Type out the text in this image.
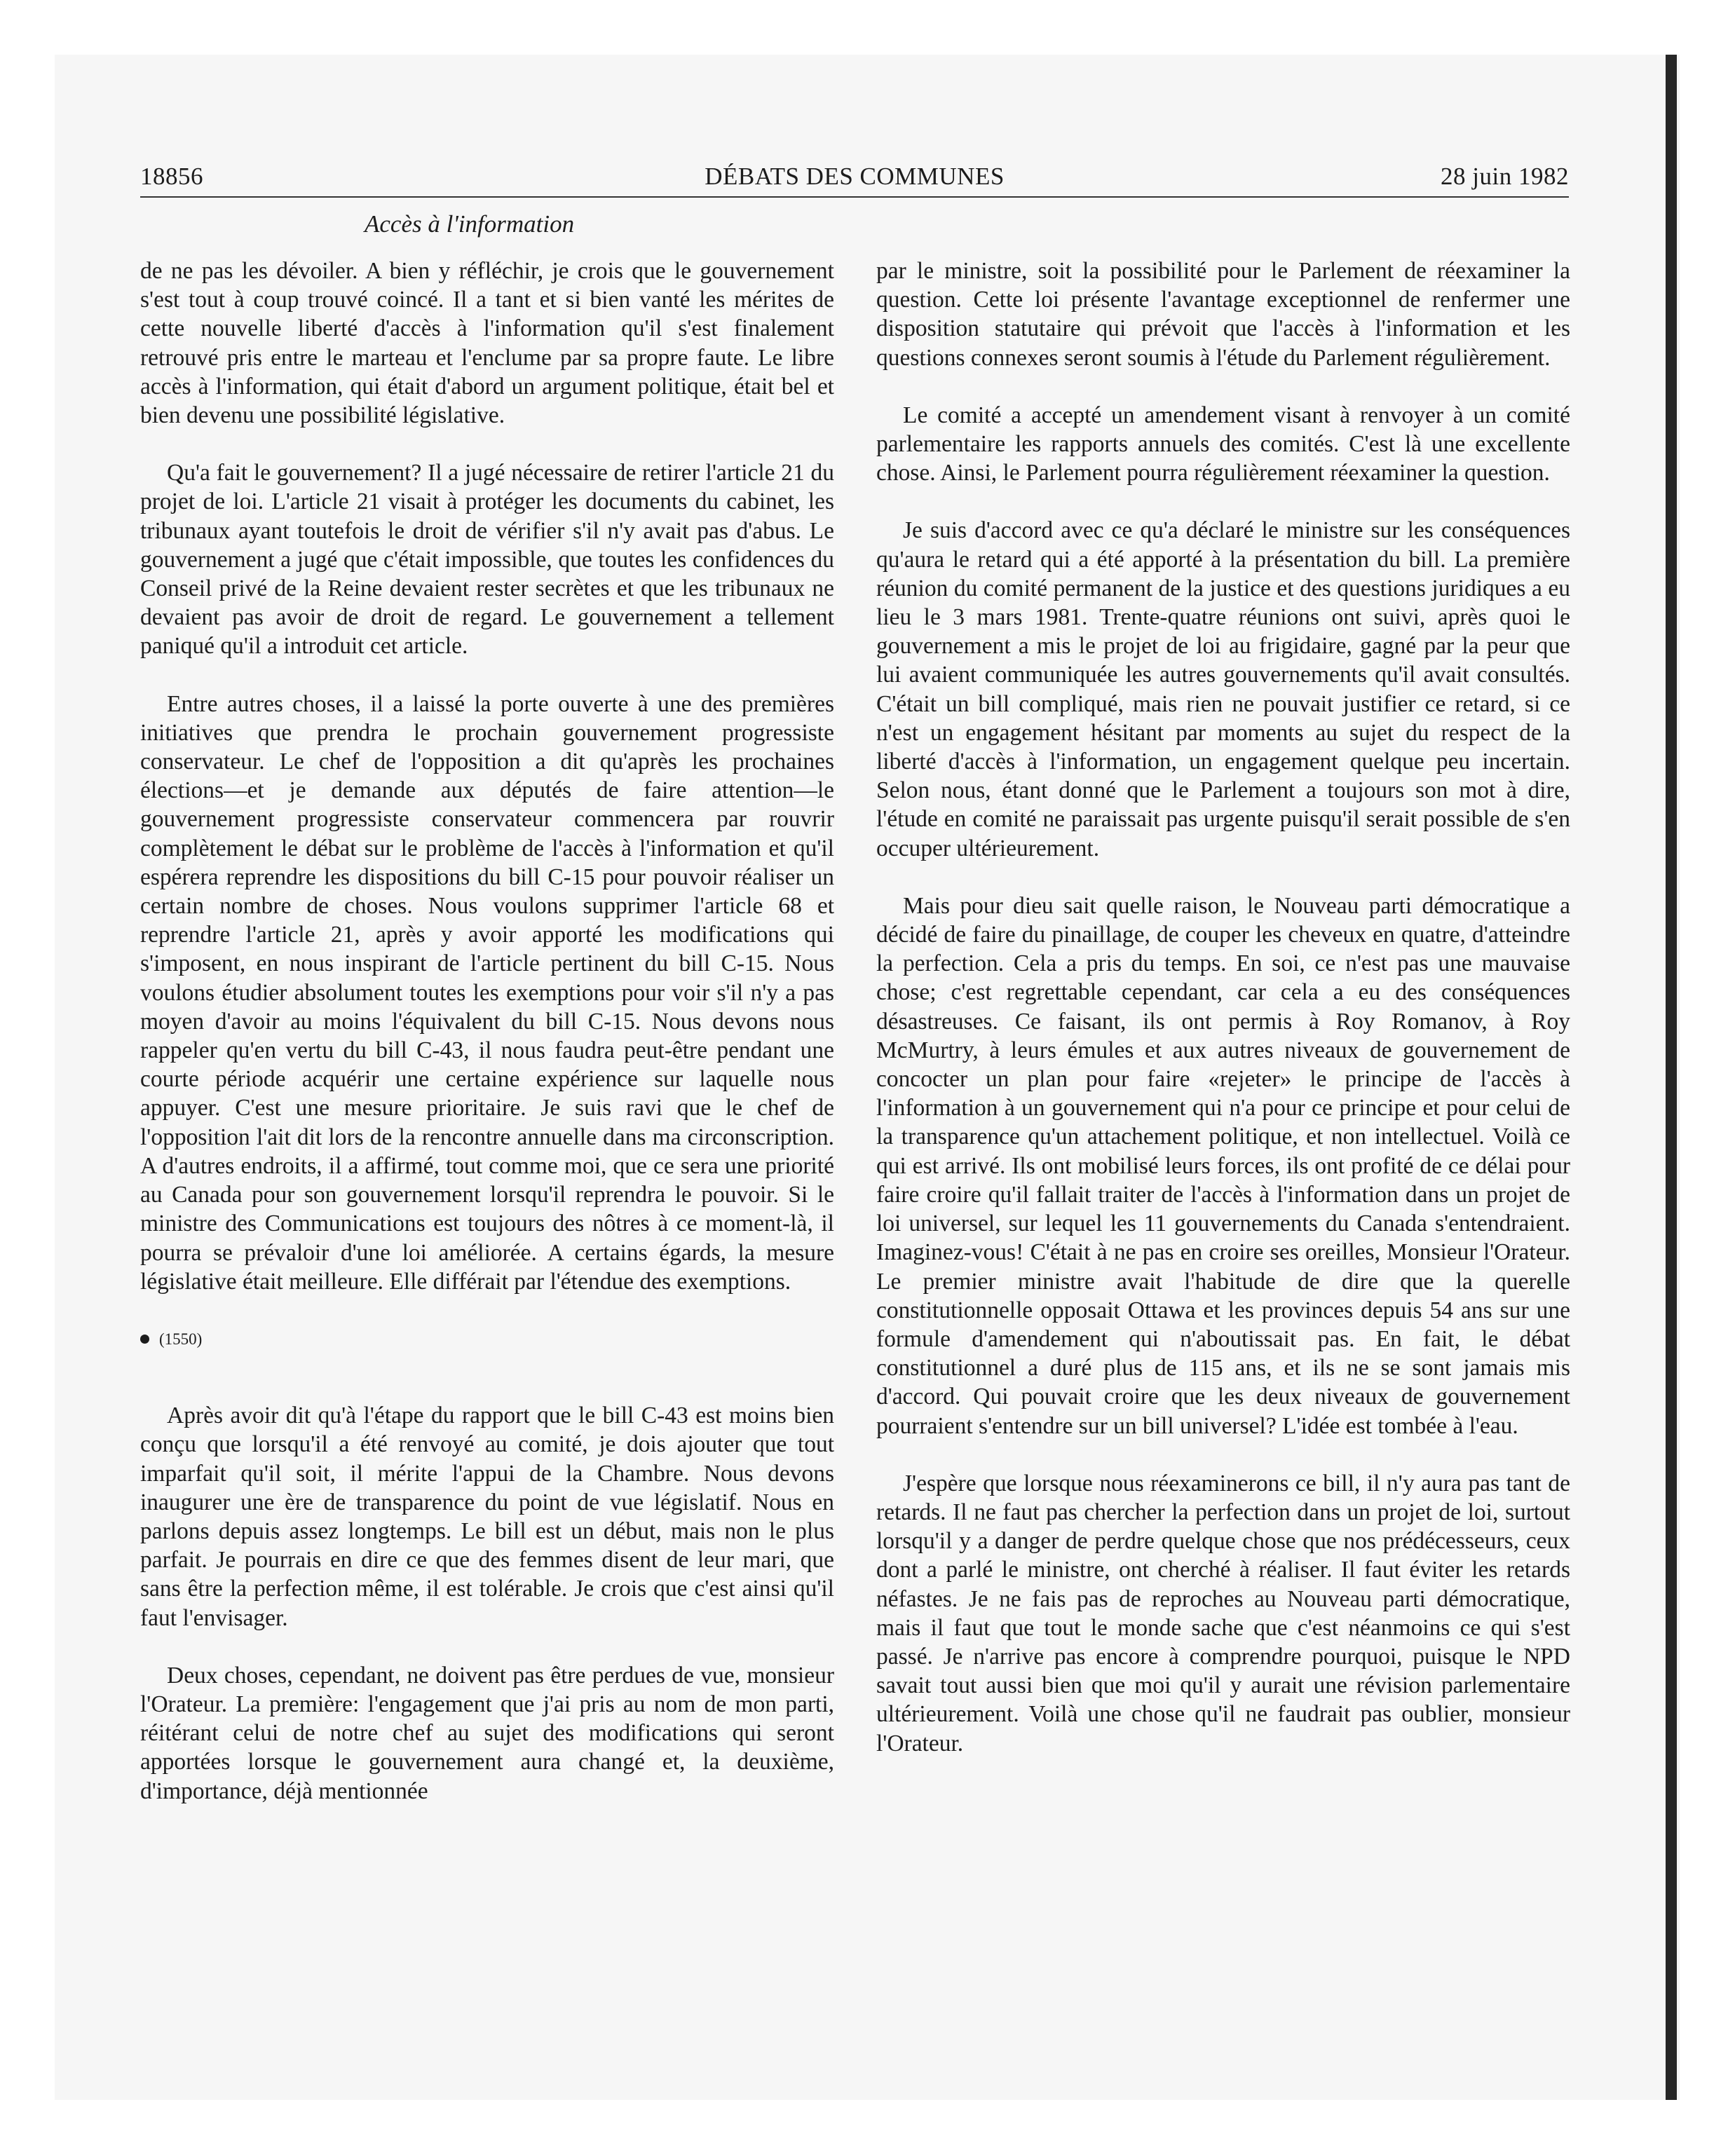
18856	DÉBATS DES COMMUNES	28 juin 1982
Accès à l'information

de ne pas les dévoiler. A bien y réfléchir, je crois que le gouvernement s'est tout à coup trouvé coincé. Il a tant et si bien vanté les mérites de cette nouvelle liberté d'accès à l'information qu'il s'est finalement retrouvé pris entre le marteau et l'enclume par sa propre faute. Le libre accès à l'information, qui était d'abord un argument politique, était bel et bien devenu une possibilité législative.

Qu'a fait le gouvernement? Il a jugé nécessaire de retirer l'article 21 du projet de loi. L'article 21 visait à protéger les documents du cabinet, les tribunaux ayant toutefois le droit de vérifier s'il n'y avait pas d'abus. Le gouvernement a jugé que c'était impossible, que toutes les confidences du Conseil privé de la Reine devaient rester secrètes et que les tribunaux ne devaient pas avoir de droit de regard. Le gouvernement a tellement paniqué qu'il a introduit cet article.

Entre autres choses, il a laissé la porte ouverte à une des premières initiatives que prendra le prochain gouvernement progressiste conservateur. Le chef de l'opposition a dit qu'après les prochaines élections—et je demande aux députés de faire attention—le gouvernement progressiste conservateur commencera par rouvrir complètement le débat sur le problème de l'accès à l'information et qu'il espérera reprendre les dispositions du bill C-15 pour pouvoir réaliser un certain nombre de choses. Nous voulons supprimer l'article 68 et reprendre l'article 21, après y avoir apporté les modifications qui s'imposent, en nous inspirant de l'article pertinent du bill C-15. Nous voulons étudier absolument toutes les exemptions pour voir s'il n'y a pas moyen d'avoir au moins l'équivalent du bill C-15. Nous devons nous rappeler qu'en vertu du bill C-43, il nous faudra peut-être pendant une courte période acquérir une certaine expérience sur laquelle nous appuyer. C'est une mesure prioritaire. Je suis ravi que le chef de l'opposition l'ait dit lors de la rencontre annuelle dans ma circonscription. A d'autres endroits, il a affirmé, tout comme moi, que ce sera une priorité au Canada pour son gouvernement lorsqu'il reprendra le pouvoir. Si le ministre des Communications est toujours des nôtres à ce moment-là, il pourra se prévaloir d'une loi améliorée. A certains égards, la mesure législative était meilleure. Elle différait par l'étendue des exemptions.

(1550)

Après avoir dit qu'à l'étape du rapport que le bill C-43 est moins bien conçu que lorsqu'il a été renvoyé au comité, je dois ajouter que tout imparfait qu'il soit, il mérite l'appui de la Chambre. Nous devons inaugurer une ère de transparence du point de vue législatif. Nous en parlons depuis assez longtemps. Le bill est un début, mais non le plus parfait. Je pourrais en dire ce que des femmes disent de leur mari, que sans être la perfection même, il est tolérable. Je crois que c'est ainsi qu'il faut l'envisager.

Deux choses, cependant, ne doivent pas être perdues de vue, monsieur l'Orateur. La première: l'engagement que j'ai pris au nom de mon parti, réitérant celui de notre chef au sujet des modifications qui seront apportées lorsque le gouvernement aura changé et, la deuxième, d'importance, déjà mentionnée

par le ministre, soit la possibilité pour le Parlement de réexaminer la question. Cette loi présente l'avantage exceptionnel de renfermer une disposition statutaire qui prévoit que l'accès à l'information et les questions connexes seront soumis à l'étude du Parlement régulièrement.

Le comité a accepté un amendement visant à renvoyer à un comité parlementaire les rapports annuels des comités. C'est là une excellente chose. Ainsi, le Parlement pourra régulièrement réexaminer la question.

Je suis d'accord avec ce qu'a déclaré le ministre sur les conséquences qu'aura le retard qui a été apporté à la présentation du bill. La première réunion du comité permanent de la justice et des questions juridiques a eu lieu le 3 mars 1981. Trente-quatre réunions ont suivi, après quoi le gouvernement a mis le projet de loi au frigidaire, gagné par la peur que lui avaient communiquée les autres gouvernements qu'il avait consultés. C'était un bill compliqué, mais rien ne pouvait justifier ce retard, si ce n'est un engagement hésitant par moments au sujet du respect de la liberté d'accès à l'information, un engagement quelque peu incertain. Selon nous, étant donné que le Parlement a toujours son mot à dire, l'étude en comité ne paraissait pas urgente puisqu'il serait possible de s'en occuper ultérieurement.

Mais pour dieu sait quelle raison, le Nouveau parti démocratique a décidé de faire du pinaillage, de couper les cheveux en quatre, d'atteindre la perfection. Cela a pris du temps. En soi, ce n'est pas une mauvaise chose; c'est regrettable cependant, car cela a eu des conséquences désastreuses. Ce faisant, ils ont permis à Roy Romanov, à Roy McMurtry, à leurs émules et aux autres niveaux de gouvernement de concocter un plan pour faire «rejeter» le principe de l'accès à l'information à un gouvernement qui n'a pour ce principe et pour celui de la transparence qu'un attachement politique, et non intellectuel. Voilà ce qui est arrivé. Ils ont mobilisé leurs forces, ils ont profité de ce délai pour faire croire qu'il fallait traiter de l'accès à l'information dans un projet de loi universel, sur lequel les 11 gouvernements du Canada s'entendraient. Imaginez-vous! C'était à ne pas en croire ses oreilles, Monsieur l'Orateur. Le premier ministre avait l'habitude de dire que la querelle constitutionnelle opposait Ottawa et les provinces depuis 54 ans sur une formule d'amendement qui n'aboutissait pas. En fait, le débat constitutionnel a duré plus de 115 ans, et ils ne se sont jamais mis d'accord. Qui pouvait croire que les deux niveaux de gouvernement pourraient s'entendre sur un bill universel? L'idée est tombée à l'eau.

J'espère que lorsque nous réexaminerons ce bill, il n'y aura pas tant de retards. Il ne faut pas chercher la perfection dans un projet de loi, surtout lorsqu'il y a danger de perdre quelque chose que nos prédécesseurs, ceux dont a parlé le ministre, ont cherché à réaliser. Il faut éviter les retards néfastes. Je ne fais pas de reproches au Nouveau parti démocratique, mais il faut que tout le monde sache que c'est néanmoins ce qui s'est passé. Je n'arrive pas encore à comprendre pourquoi, puisque le NPD savait tout aussi bien que moi qu'il y aurait une révision parlementaire ultérieurement. Voilà une chose qu'il ne faudrait pas oublier, monsieur l'Orateur.
